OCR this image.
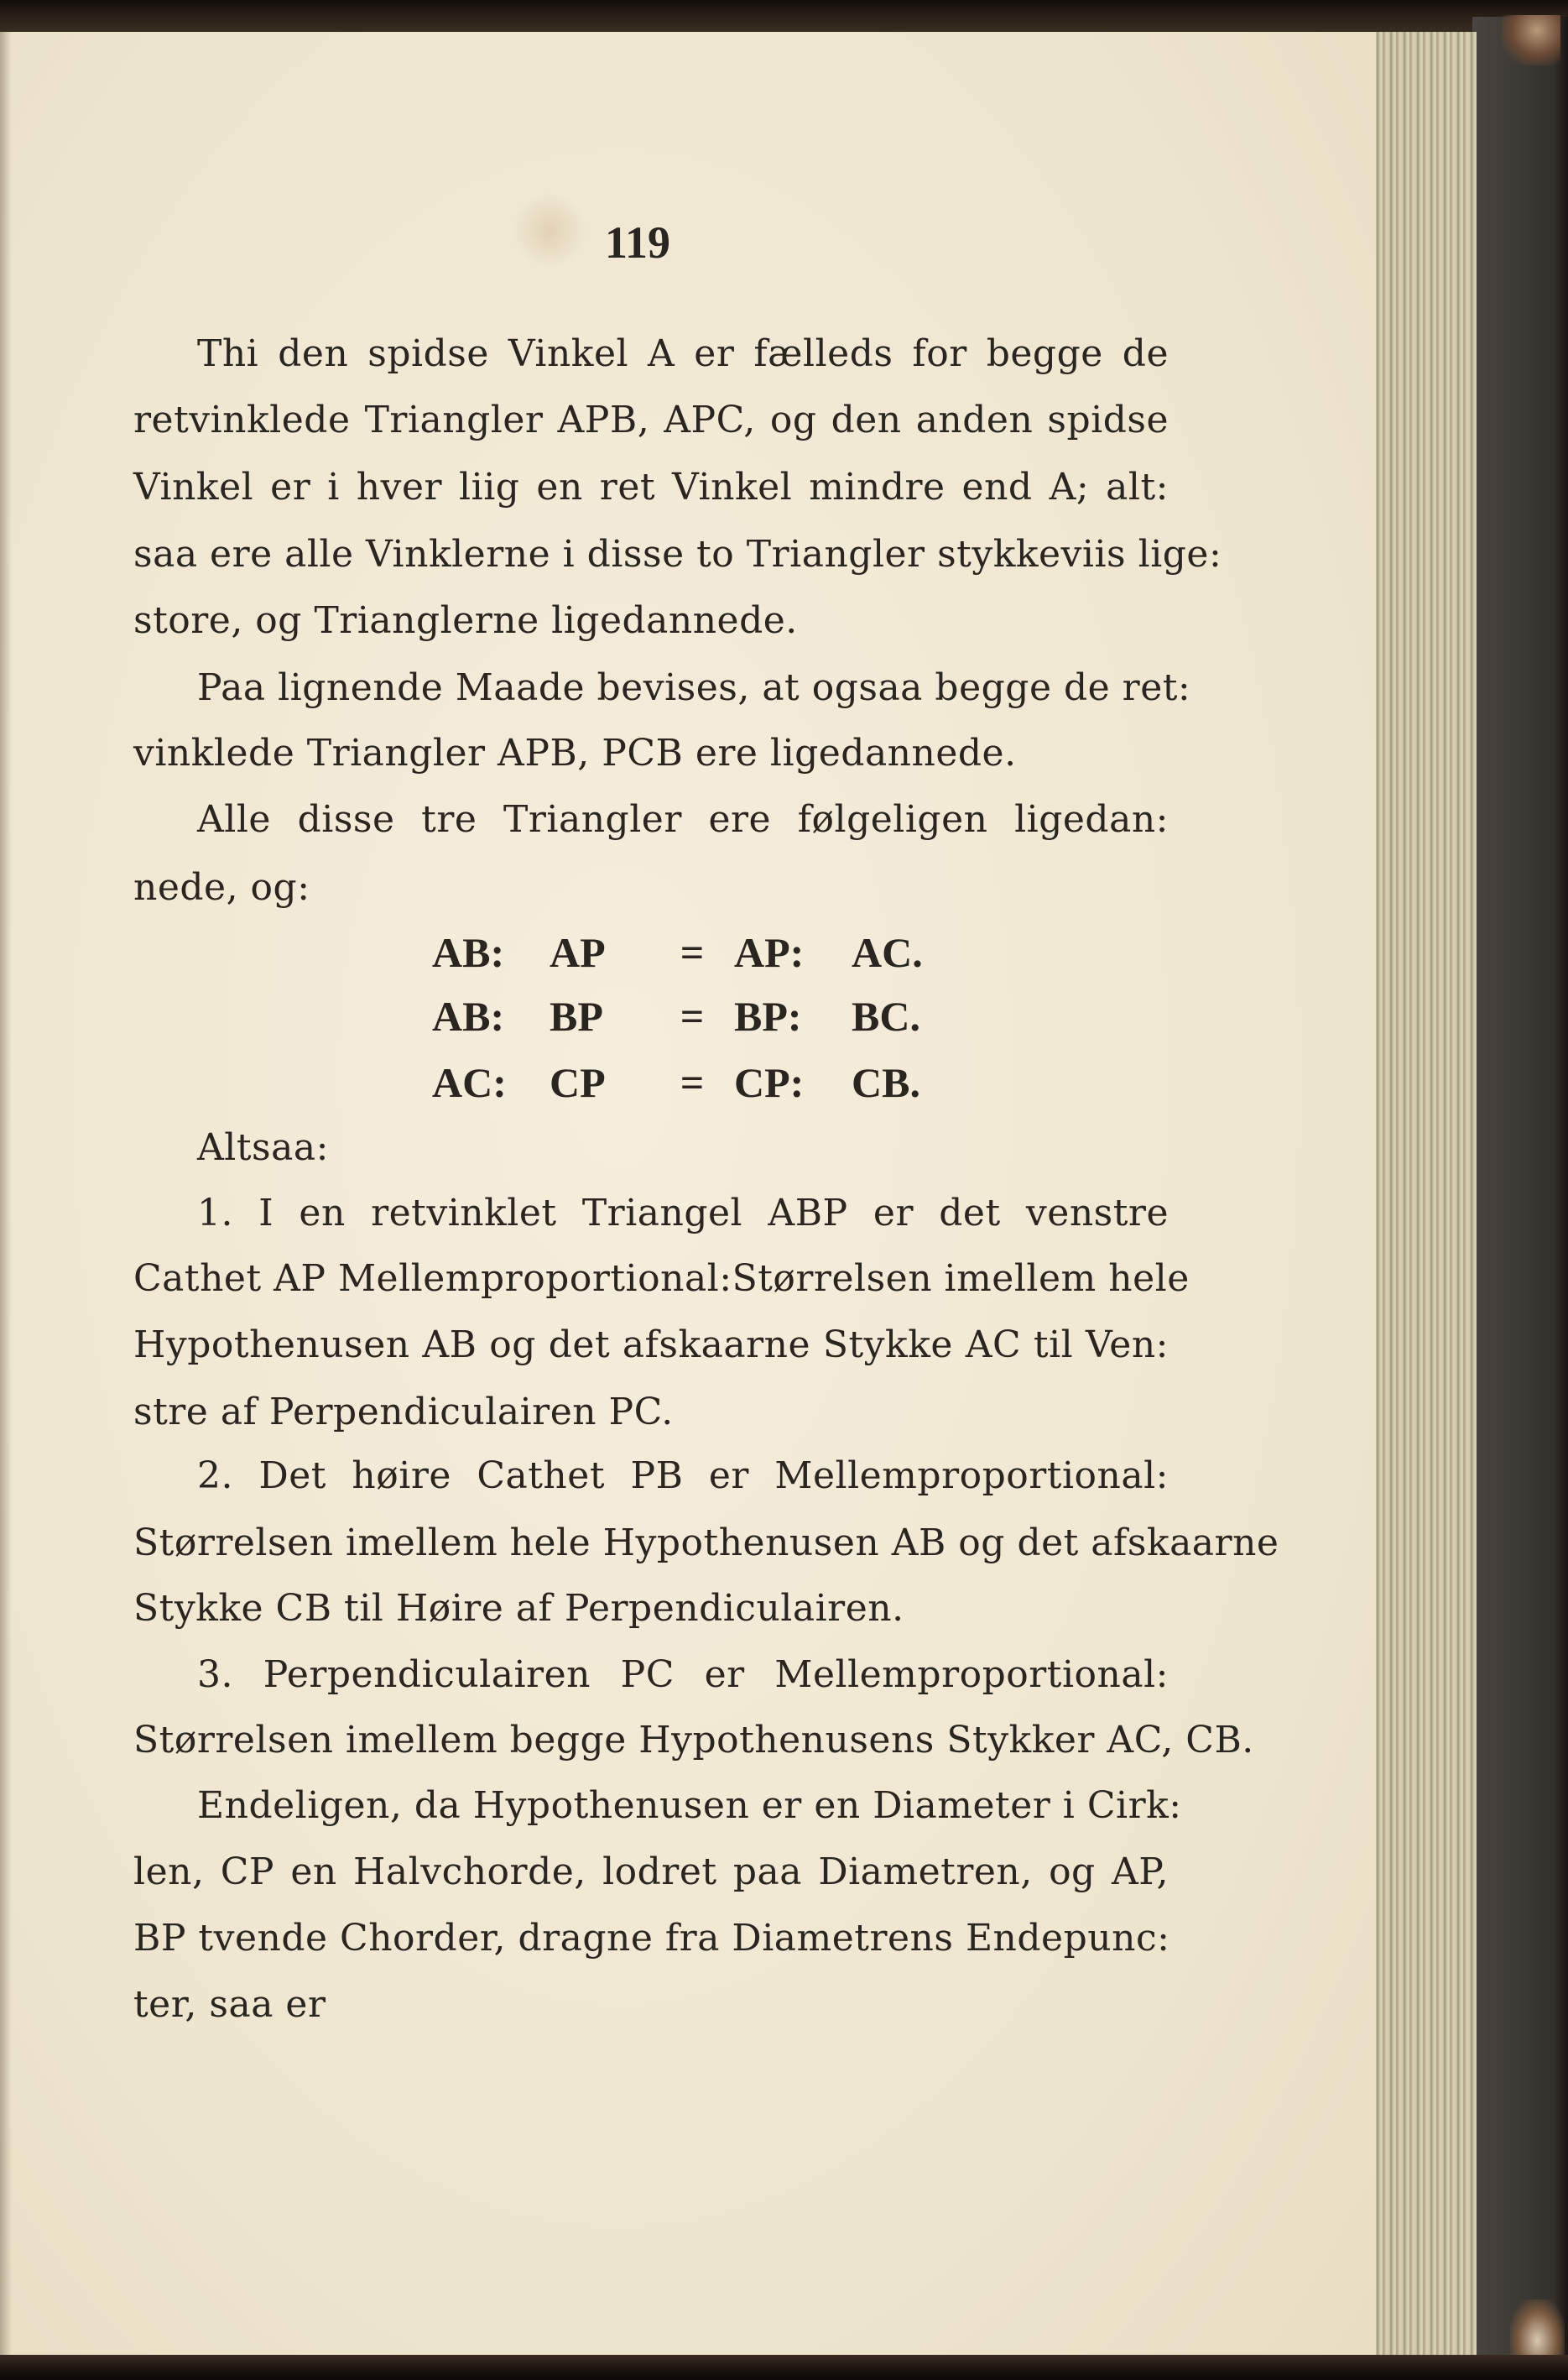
119
Thi den spidse Vinkel A er fælleds for begge de
retvinklede Triangler APB, APC, og den anden spidse
Vinkel er i hver liig en ret Vinkel mindre end A; alt:
saa ere alle Vinklerne i disse to Triangler stykkeviis lige:
store, og Trianglerne ligedannede.
Paa lignende Maade bevises, at ogsaa begge de ret:
vinklede Triangler APB, PCB ere ligedannede.
Alle disse tre Triangler ere følgeligen ligedan:
nede, og:
AB: AP = AP: AC.
AB: BP = BP: BC.
AC: CP = CP: CB.
Altsaa:
1. I en retvinklet Triangel ABP er det venstre
Cathet AP Mellemproportional:Størrelsen imellem hele
Hypothenusen AB og det afskaarne Stykke AC til Ven:
stre af Perpendiculairen PC.
2. Det høire Cathet PB er Mellemproportional:
Størrelsen imellem hele Hypothenusen AB og det afskaarne
Stykke CB til Høire af Perpendiculairen.
3. Perpendiculairen PC er Mellemproportional:
Størrelsen imellem begge Hypothenusens Stykker AC, CB.
Endeligen, da Hypothenusen er en Diameter i Cirk:
len, CP en Halvchorde, lodret paa Diametren, og AP,
BP tvende Chorder, dragne fra Diametrens Endepunc:
ter, saa er
